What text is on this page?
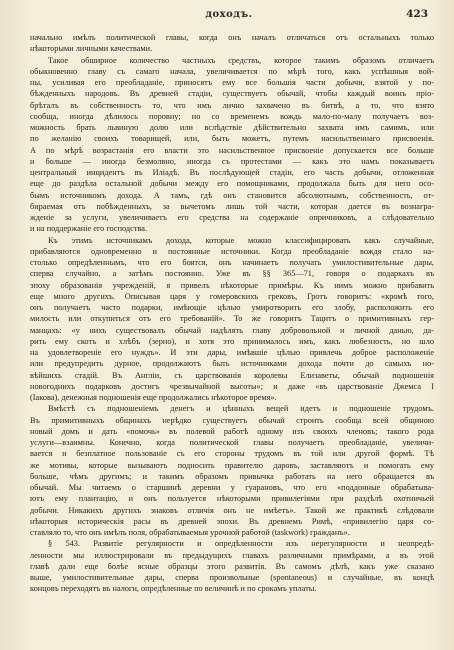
доходъ.	423
начально имѣлъ политической главы, когда онъ началъ отличаться отъ остальныхъ только
нѣкоторыми личными качествами.
Такое обширное количество частныхъ средствъ, которое такимъ образомъ отличаетъ
обыкновенно главу съ самаго начала, увеличивается по мѣрѣ того, какъ успѣшныя вой-
ны, усиливая его преобладаніе, приносятъ ему все большія части добычи, взятой у по-
бѣжденныхъ народовъ. Въ древней стадіи, существуетъ обычай, чтобы каждый воинъ пріо-
брѣталъ въ собственность то, что имъ лично захвачено въ битвѣ, а то, что взято
сообща, иногда дѣлилось поровну; но со временемъ вождь мало-по-малу получаетъ воз-
можность брать львиную долю или вслѣдствіе дѣйствительно захвата имъ самимъ, или
по желанію своихъ товарищей, или, быть можетъ, путемъ насильственнаго присвоенія.
А по мѣрѣ возрастанія его власти это насильственное присвоеніе допускается все больше
и больше — иногда безмолвно, иногда съ протестами — какъ это намъ показываетъ
центральный инцидентъ въ Иліадѣ. Въ послѣдующей стадіи, его часть добычи, отложенная
еще до раздѣла остальной добычи между его помощниками, продолжала быть для него осо-
бымъ источникомъ дохода. А тамъ, гдѣ онъ становится абсолютнымъ, собственность, от-
бираемая отъ побѣжденныхъ, за вычетомъ лишь той части, которая дается въ вознагра-
жденіе за услуги, увеличиваетъ его средства на содержаніе опричниковъ, а слѣдовательно
и на поддержаніе его господства.
Къ этимъ источникамъ дохода, которые можно классифицировать какъ случайные,
прибавляются одновременно и постоянные источники. Когда преобладаніе вождя стало на-
столько опредѣленнымъ, что его боятся, онъ начинаетъ получать умилостивительные дары,
сперва случайно, а затѣмъ постоянно. Уже въ §§ 365—71, говоря о подаркахъ въ
эпоху образованія учрежденій, я привелъ нѣкоторые примѣры. Къ нимъ можно прибавить
еще много другихъ. Описывая царя у гомеровскихъ грековъ, Гротъ говоритъ: «кромѣ того,
онъ получаетъ часто подарки, имѣющіе цѣлью умиротворить его злобу, расположить его
милость или откупиться отъ его требованій». То же говоритъ Тацитъ о примитивныхъ гер-
манцахъ: «у нихъ существовалъ обычай надѣлять главу добровольной и личной данью, да-
рить ему скотъ и хлѣбъ (зерно), и хотя это принималось имъ, какъ любезность, но шло
на удовлетвореніе его нуждъ». И эти дары, имѣвшіе цѣлью привлечь доброе расположеніе
или предупредить дурное, продолжаютъ быть источниками дохода почти до самыхъ но-
вѣйшихъ стадій. Въ Англіи, съ царствованія королевы Елизаветы, обычай подношенія
новогоднихъ подарковъ достигъ чрезвычайной высоты»; и даже «въ царствованіе Джемса I
(Іакова), денежныя подношенія еще продолжались нѣкоторое время».
Вмѣстѣ съ подношеніемъ денегъ и цѣнныхъ вещей идетъ и подношеніе трудомъ.
Въ примитивныхъ общинахъ нерѣдко существуетъ обычай строить сообща всей общиною
новый домъ и дать «помочь» въ полевой работѣ одному изъ своихъ членовъ; такого рода
услуги—взаимны. Конечно, когда политической главы получаетъ преобладаніе, увеличи-
вается и безплатное пользованіе съ его стороны трудомъ въ той или другой формѣ. Тѣ
же мотивы, которые вызываютъ подносить правителю даровъ, заставляютъ и помогать ему
больше, чѣмъ другимъ; и такимъ образомъ привычка работать на него обращается въ
обычай. Мы читаемъ о старшинѣ деревни у гуарановъ, что его «поддонные обрабатыва-
ютъ ему плантацію, и онъ пользуется нѣкоторыми привилегіями при раздѣлѣ охотничьей
добычи. Никакихъ другихъ знаковъ отличія онъ не имѣетъ». Такой же практикѣ слѣдовали
нѣкоторыя историческія расы въ древней эпохи. Въ древнемъ Римѣ, «привилегію царя со-
ставляло то, что онъ имѣлъ поля, обрабатываемыя урочной работой (taskwork) гражданъ».
§ 543. Развитіе регулярности и опредѣленности изъ нерегулярности и неопредѣ-
ленности мы иллюстрировали въ предыдущихъ главахъ различными примѣрами, а въ этой
главѣ дали еще болѣе ясные образцы этого развитія. Въ самомъ дѣлѣ, какъ уже сказано
выше, умилостивительные дары, сперва произвольные (spontaneous) и случайные, въ концѣ
концовъ переходятъ въ налоги, опредѣленные по величинѣ и по срокамъ уплаты.
